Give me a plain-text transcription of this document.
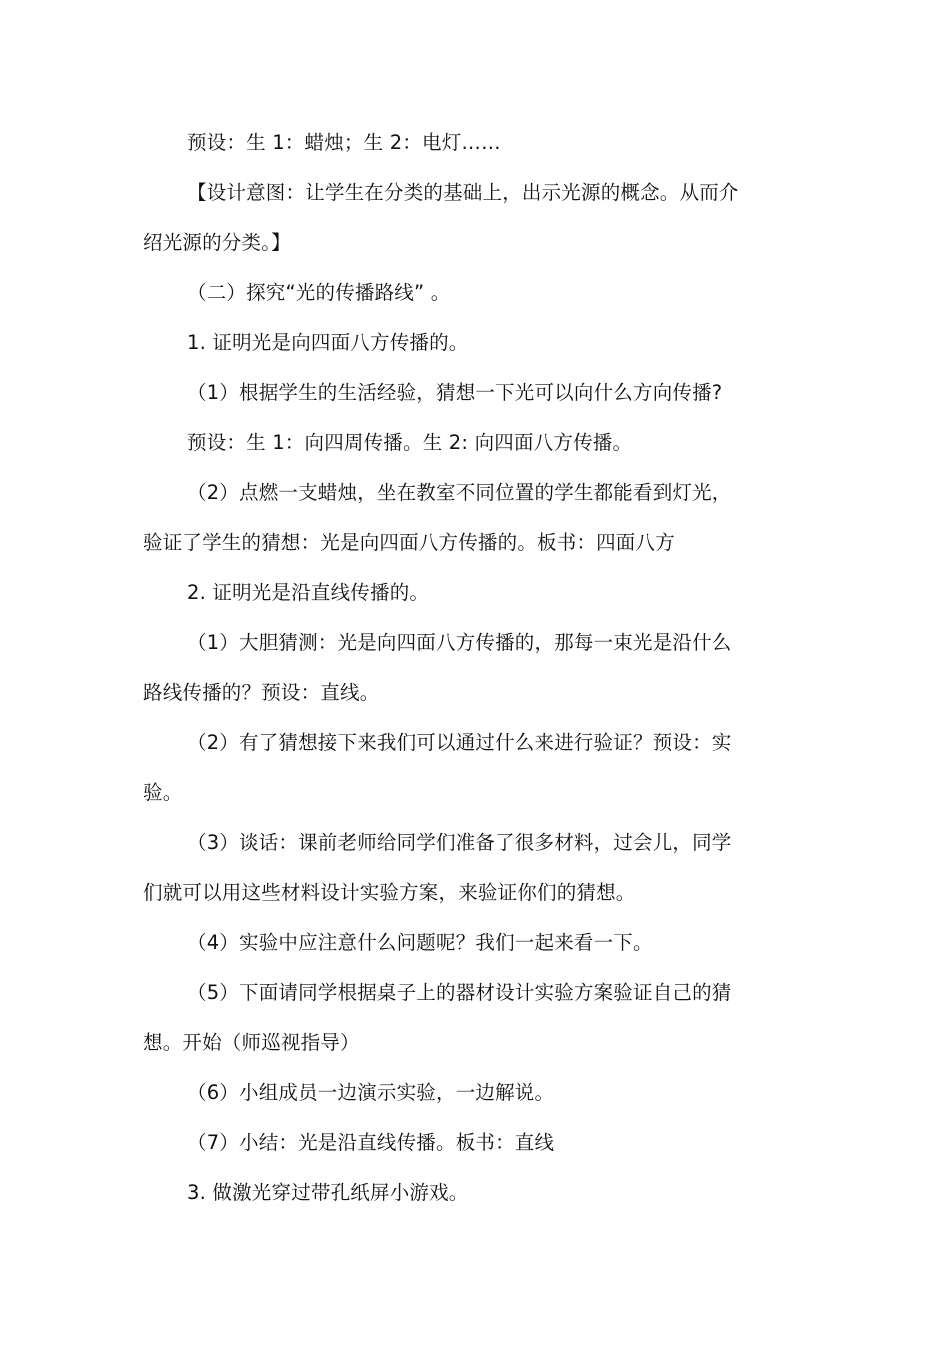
预设：生 1：蜡烛；生 2：电灯……
【设计意图：让学生在分类的基础上，出示光源的概念。从而介
绍光源的分类。】
（二）探究“光的传播路线” 。
1. 证明光是向四面八方传播的。
（1）根据学生的生活经验，猜想一下光可以向什么方向传播?
预设：生 1：向四周传播。生 2: 向四面八方传播。
（2）点燃一支蜡烛，坐在教室不同位置的学生都能看到灯光，
验证了学生的猜想：光是向四面八方传播的。板书：四面八方
2. 证明光是沿直线传播的。
（1）大胆猜测：光是向四面八方传播的，那每一束光是沿什么
路线传播的？预设：直线。
（2）有了猜想接下来我们可以通过什么来进行验证？预设：实
验。
（3）谈话：课前老师给同学们准备了很多材料，过会儿，同学
们就可以用这些材料设计实验方案，来验证你们的猜想。
（4）实验中应注意什么问题呢？我们一起来看一下。
（5）下面请同学根据桌子上的器材设计实验方案验证自己的猜
想。开始（师巡视指导）
（6）小组成员一边演示实验，一边解说。
（7）小结：光是沿直线传播。板书：直线
3. 做激光穿过带孔纸屏小游戏。
